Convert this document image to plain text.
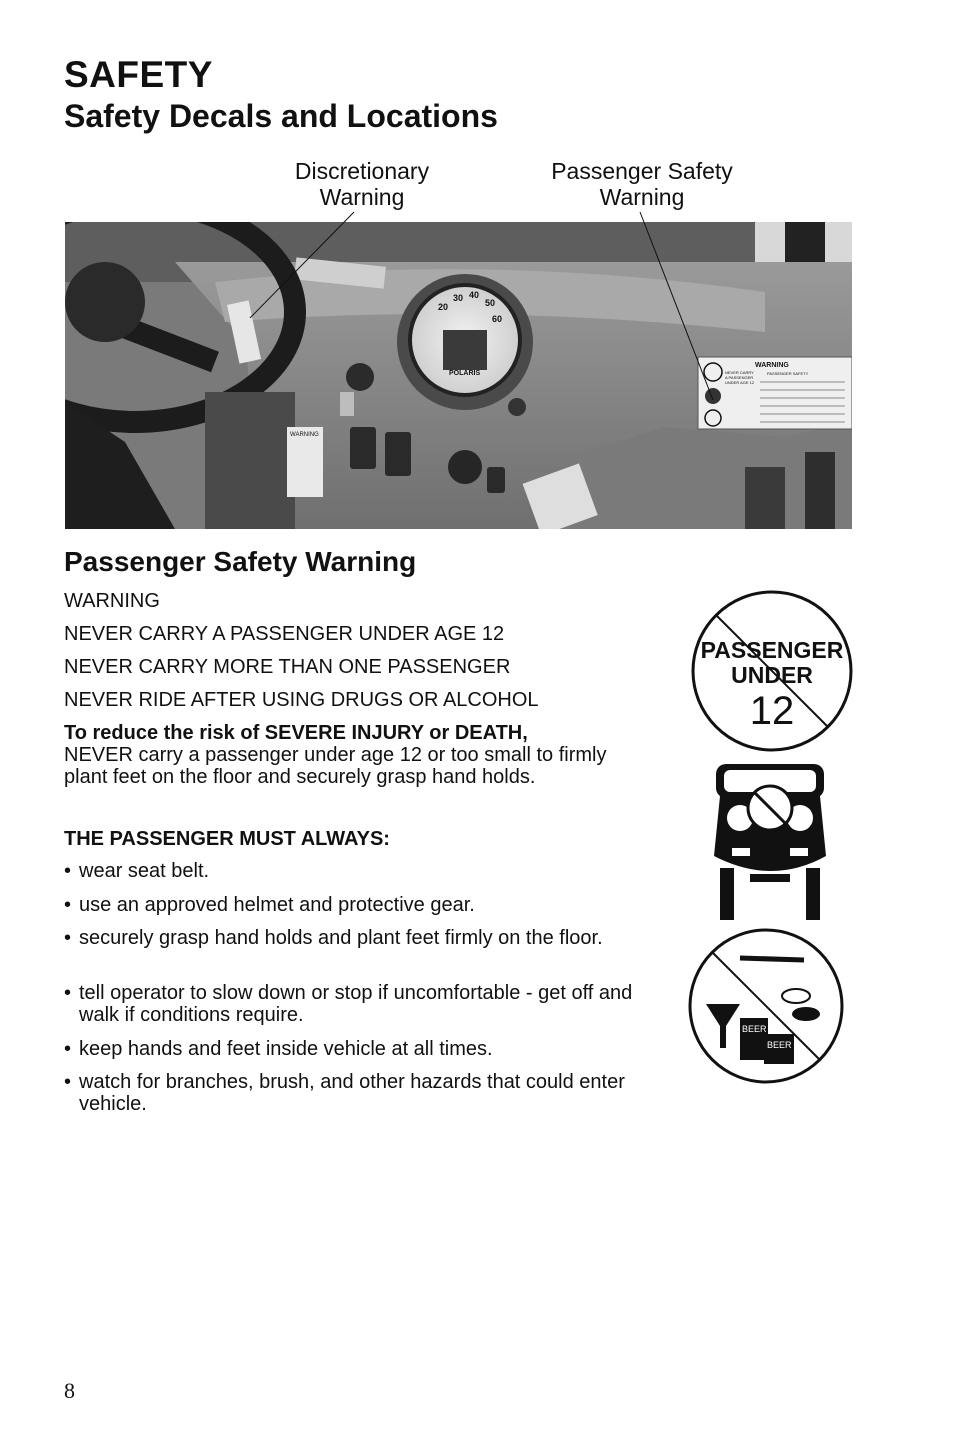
SAFETY
Safety Decals and Locations
Discretionary
Warning
Passenger Safety
Warning
WARNING
20
30 40
50
60
POLARIS
WARNING
PASSENGER SAFETY
NEVER CARRY
A PASSENGER
UNDER AGE 12
Passenger Safety Warning
WARNING
NEVER CARRY A PASSENGER UNDER AGE 12
NEVER CARRY MORE THAN ONE PASSENGER
NEVER RIDE AFTER USING DRUGS OR ALCOHOL
To reduce the risk of SEVERE INJURY or DEATH,
NEVER carry a passenger under age 12 or too small to firmly plant feet on the floor and securely grasp hand holds.
THE PASSENGER MUST ALWAYS:
• wear seat belt.
• use an approved helmet and protective gear.
• securely grasp hand holds and plant feet firmly on the floor.
• tell operator to slow down or stop if uncomfortable - get off and walk if conditions require.
• keep hands and feet inside vehicle at all times.
• watch for branches, brush, and other hazards that could enter vehicle.
PASSENGER
UNDER
12
BEER
BEER
8
